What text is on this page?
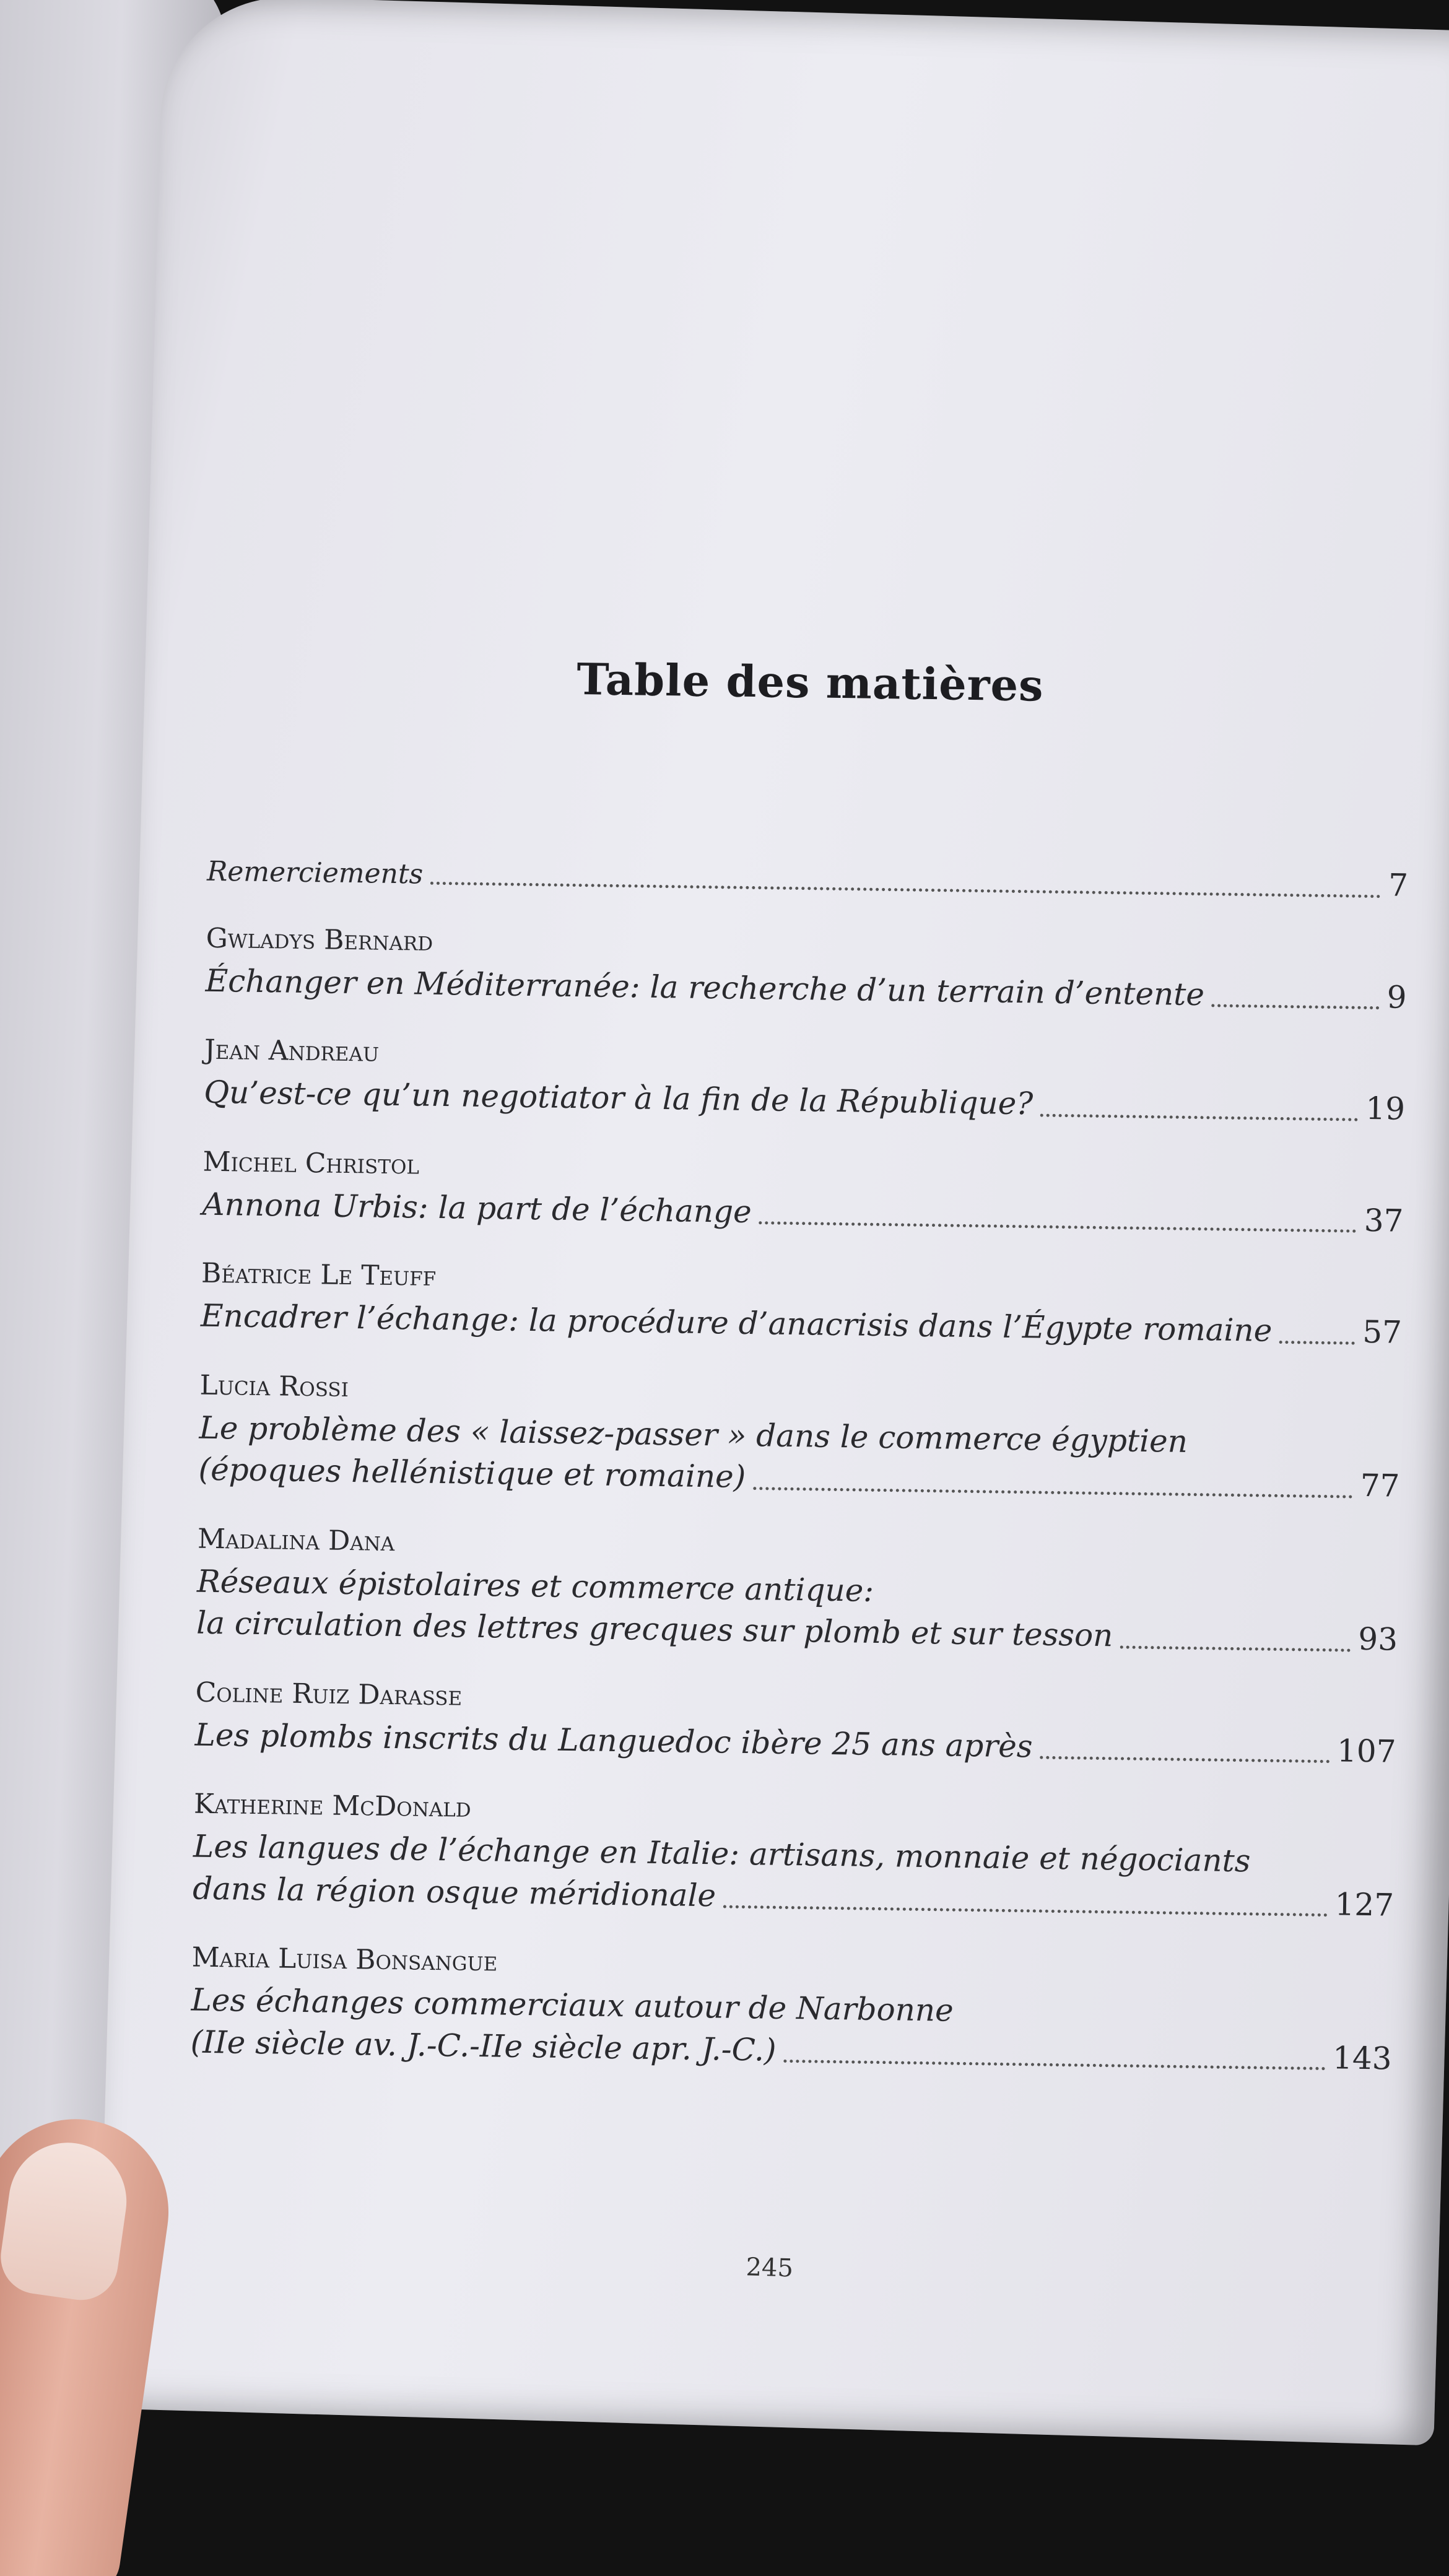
Table des matières
Remerciements	7
Gwladys Bernard
Échanger en Méditerranée: la recherche d’un terrain d’entente	9
Jean Andreau
Qu’est-ce qu’un negotiator à la fin de la République?	19
Michel Christol
Annona Urbis: la part de l’échange	37
Béatrice Le Teuff
Encadrer l’échange: la procédure d’anacrisis dans l’Égypte romaine	57
Lucia Rossi
Le problème des « laissez-passer » dans le commerce égyptien
(époques hellénistique et romaine)	77
Madalina Dana
Réseaux épistolaires et commerce antique:
la circulation des lettres grecques sur plomb et sur tesson	93
Coline Ruiz Darasse
Les plombs inscrits du Languedoc ibère 25 ans après	107
Katherine McDonald
Les langues de l’échange en Italie: artisans, monnaie et négociants
dans la région osque méridionale	127
Maria Luisa Bonsangue
Les échanges commerciaux autour de Narbonne
(IIe siècle av. J.-C.-IIe siècle apr. J.-C.)	143
245
